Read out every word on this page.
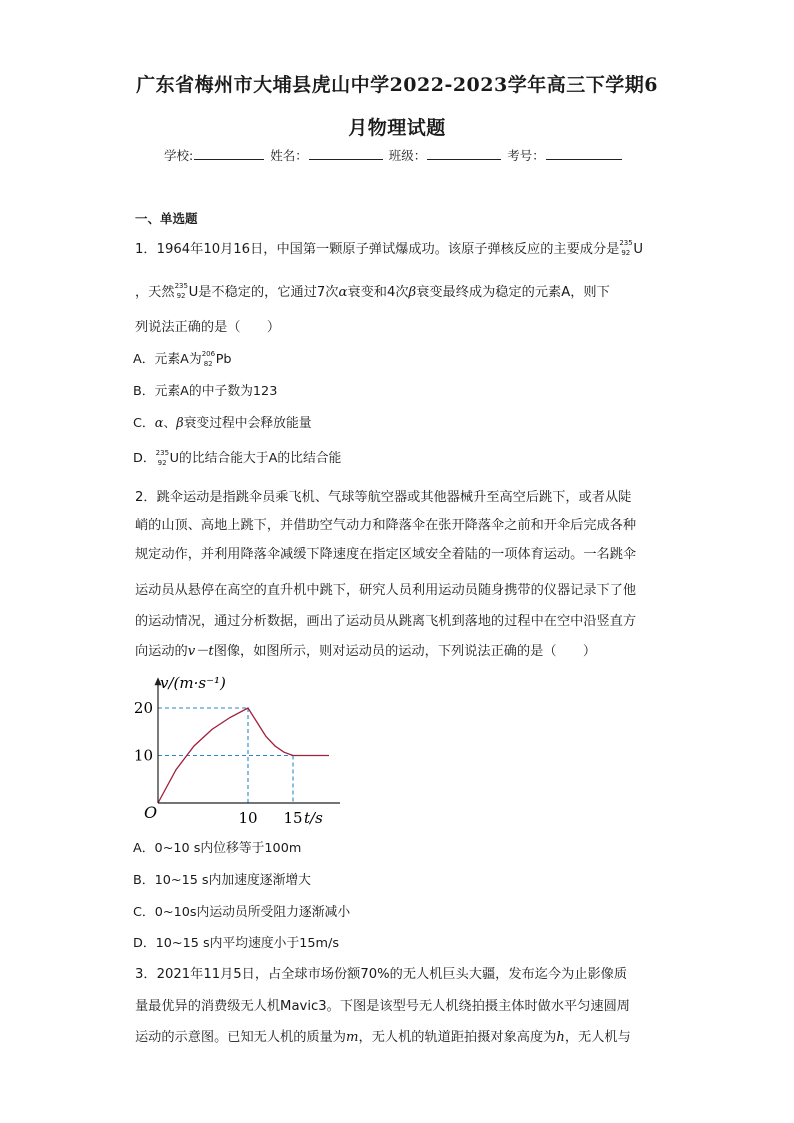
广东省梅州市大埔县虎山中学2022-2023学年高三下学期6
月物理试题
学校:	姓名：	班级：	考号：
一、单选题
1．1964年10月16日，中国第一颗原子弹试爆成功。该原子弹核反应的主要成分是 235
92 U
，天然 235
92 U是不稳定的，它通过7次α衰变和4次β衰变最终成为稳定的元素A，则下
列说法正确的是（　　）
A．元素A为 206
82 Pb
B．元素A的中子数为123
C．α、β衰变过程中会释放能量
D． 235
92 U的比结合能大于A的比结合能
2．跳伞运动是指跳伞员乘飞机、气球等航空器或其他器械升至高空后跳下，或者从陡
峭的山顶、高地上跳下，并借助空气动力和降落伞在张开降落伞之前和开伞后完成各种
规定动作，并利用降落伞减缓下降速度在指定区域安全着陆的一项体育运动。一名跳伞
运动员从悬停在高空的直升机中跳下，研究人员利用运动员随身携带的仪器记录下了他
的运动情况，通过分析数据，画出了运动员从跳离飞机到落地的过程中在空中沿竖直方
向运动的v－t图像，如图所示，则对运动员的运动，下列说法正确的是（　　）
v/(m·s⁻¹)
t/s
O	10 15
20
10
A．0~10 s内位移等于100m
B．10~15 s内加速度逐渐增大
C．0~10s内运动员所受阻力逐渐减小
D．10~15 s内平均速度小于15m/s
3．2021年11月5日，占全球市场份额70%的无人机巨头大疆，发布迄今为止影像质
量最优异的消费级无人机Mavic3。下图是该型号无人机绕拍摄主体时做水平匀速圆周
运动的示意图。已知无人机的质量为m，无人机的轨道距拍摄对象高度为h，无人机与
